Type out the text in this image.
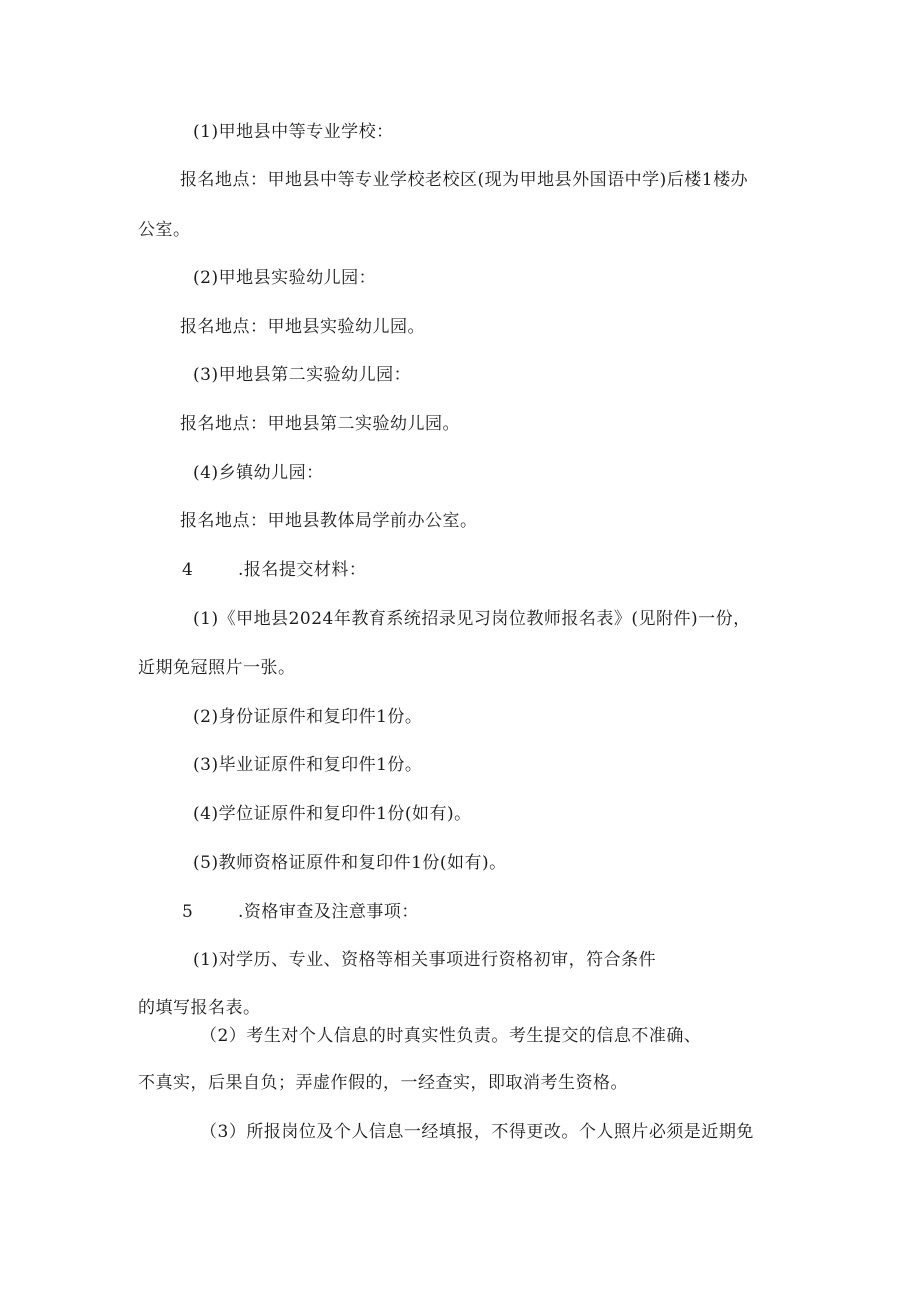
(1)甲地县中等专业学校：
报名地点：甲地县中等专业学校老校区(现为甲地县外国语中学)后楼1楼办
公室。
(2)甲地县实验幼儿园：
报名地点：甲地县实验幼儿园。
(3)甲地县第二实验幼儿园：
报名地点：甲地县第二实验幼儿园。
(4)乡镇幼儿园：
报名地点：甲地县教体局学前办公室。
4	.报名提交材料：
(1)《甲地县2024年教育系统招录见习岗位教师报名表》(见附件)一份，
近期免冠照片一张。
(2)身份证原件和复印件1份。
(3)毕业证原件和复印件1份。
(4)学位证原件和复印件1份(如有)。
(5)教师资格证原件和复印件1份(如有)。
5	.资格审查及注意事项：
(1)对学历、专业、资格等相关事项进行资格初审，符合条件
的填写报名表。
（2）考生对个人信息的时真实性负责。考生提交的信息不准确、
不真实，后果自负；弄虚作假的，一经查实，即取消考生资格。
（3）所报岗位及个人信息一经填报，不得更改。个人照片必须是近期免
